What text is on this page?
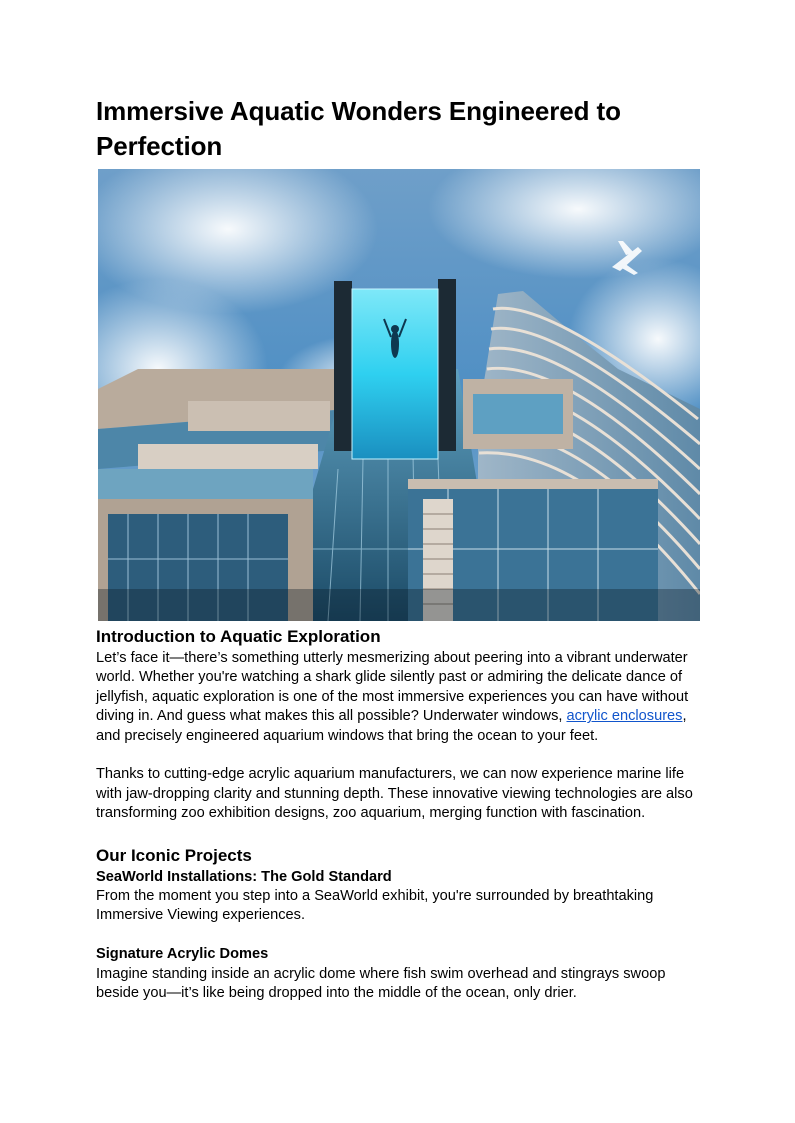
Immersive Aquatic Wonders Engineered to Perfection
Introduction to Aquatic Exploration

Let’s face it—there’s something utterly mesmerizing about peering into a vibrant underwater world. Whether you're watching a shark glide silently past or admiring the delicate dance of jellyfish, aquatic exploration is one of the most immersive experiences you can have without diving in. And guess what makes this all possible? Underwater windows, acrylic enclosures, and precisely engineered aquarium windows that bring the ocean to your feet.

Thanks to cutting-edge acrylic aquarium manufacturers, we can now experience marine life with jaw-dropping clarity and stunning depth. These innovative viewing technologies are also transforming zoo exhibition designs, zoo aquarium, merging function with fascination.

Our Iconic Projects
SeaWorld Installations: The Gold Standard

From the moment you step into a SeaWorld exhibit, you're surrounded by breathtaking Immersive Viewing experiences.

Signature Acrylic Domes

Imagine standing inside an acrylic dome where fish swim overhead and stingrays swoop beside you—it’s like being dropped into the middle of the ocean, only drier.
